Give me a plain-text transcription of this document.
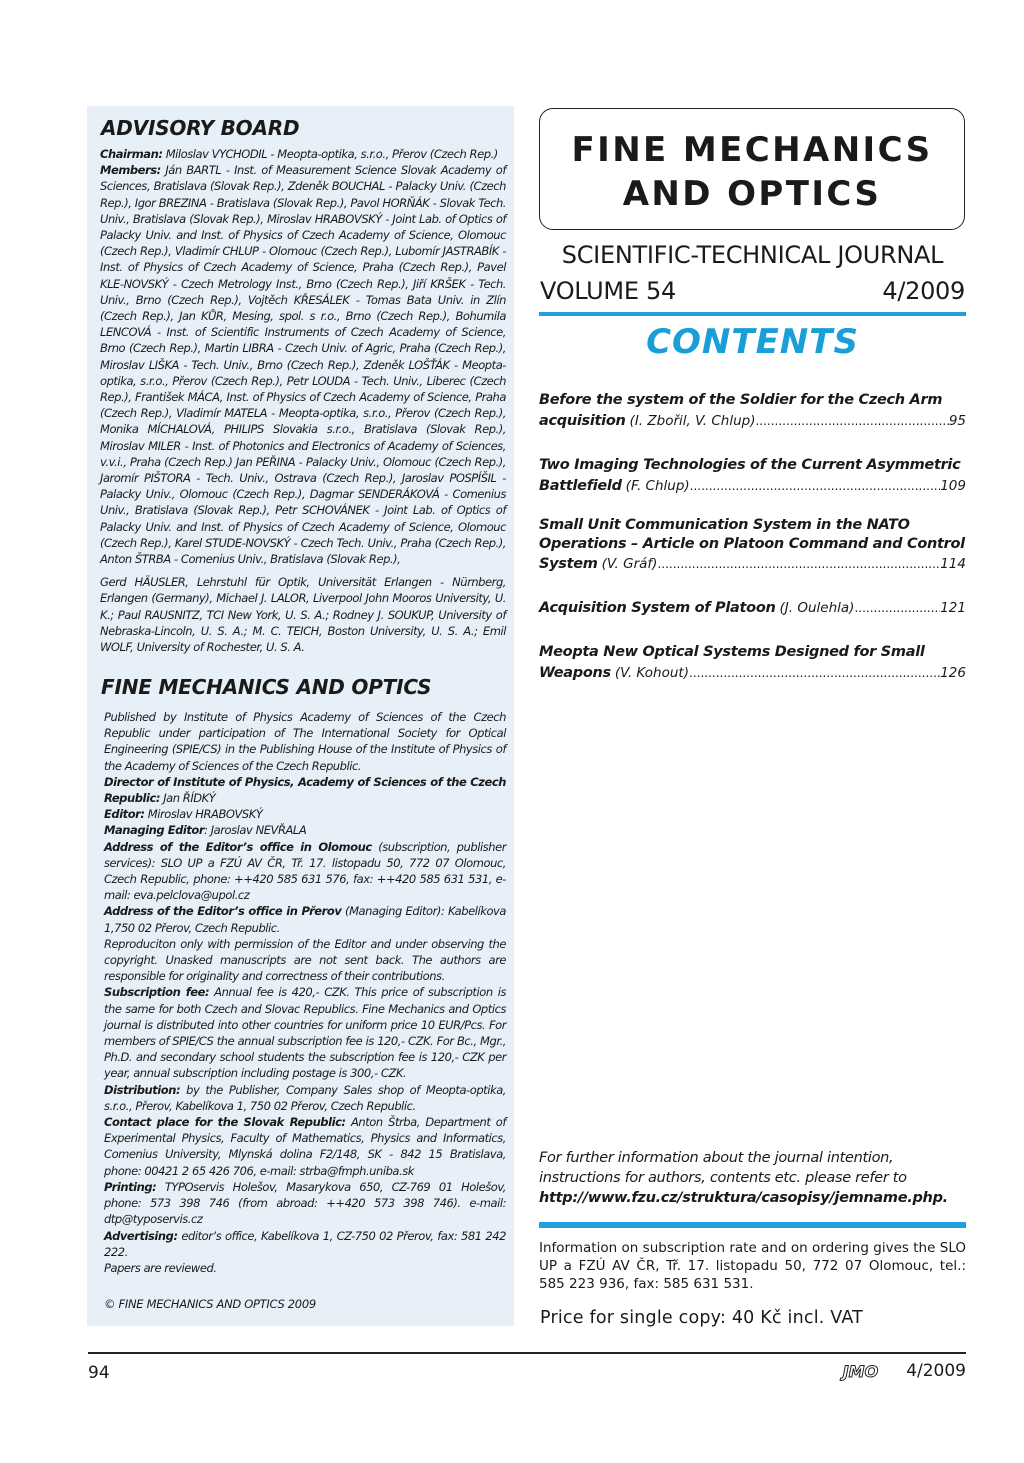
ADVISORY BOARD

Chairman: Miloslav VYCHODIL - Meopta-optika, s.r.o., Přerov (Czech Rep.)
Members: Ján BARTL - Inst. of Measurement Science Slovak Academy of Sciences, Bratislava (Slovak Rep.), Zdeněk BOUCHAL - Palacky Univ. (Czech Rep.), Igor BREZINA - Bratislava (Slovak Rep.), Pavol HORŇÁK - Slovak Tech. Univ., Bratislava (Slovak Rep.), Miroslav HRABOVSKÝ - Joint Lab. of Optics of Palacky Univ. and Inst. of Physics of Czech Academy of Science, Olomouc (Czech Rep.), Vladimír CHLUP - Olomouc (Czech Rep.), Lubomír JASTRABÍK - Inst. of Physics of Czech Academy of Science, Praha (Czech Rep.), Pavel KLE-NOVSKÝ - Czech Metrology Inst., Brno (Czech Rep.), Jiří KRŠEK - Tech. Univ., Brno (Czech Rep.), Vojtěch KŘESÁLEK - Tomas Bata Univ. in Zlín (Czech Rep.), Jan KŮR, Mesing, spol. s r.o., Brno (Czech Rep.), Bohumila LENCOVÁ - Inst. of Scientific Instruments of Czech Academy of Science, Brno (Czech Rep.), Martin LIBRA - Czech Univ. of Agric, Praha (Czech Rep.), Miroslav LIŠKA - Tech. Univ., Brno (Czech Rep.), Zdeněk LOŠŤÁK - Meopta-optika, s.r.o., Přerov (Czech Rep.), Petr LOUDA - Tech. Univ., Liberec (Czech Rep.), František MÁCA, Inst. of Physics of Czech Academy of Science, Praha (Czech Rep.), Vladimír MATELA - Meopta-optika, s.r.o., Přerov (Czech Rep.), Monika MÍCHALOVÁ, PHILIPS Slovakia s.r.o., Bratislava (Slovak Rep.), Miroslav MILER - Inst. of Photonics and Electronics of Academy of Sciences, v.v.i., Praha (Czech Rep.) Jan PEŘINA - Palacky Univ., Olomouc (Czech Rep.), Jaromír PIŠTORA - Tech. Univ., Ostrava (Czech Rep.), Jaroslav POSPÍŠIL - Palacky Univ., Olomouc (Czech Rep.), Dagmar SENDERÁKOVÁ - Comenius Univ., Bratislava (Slovak Rep.), Petr SCHOVÁNEK - Joint Lab. of Optics of Palacky Univ. and Inst. of Physics of Czech Academy of Science, Olomouc (Czech Rep.), Karel STUDE-NOVSKÝ - Czech Tech. Univ., Praha (Czech Rep.), Anton ŠTRBA - Comenius Univ., Bratislava (Slovak Rep.),

Gerd HÄUSLER, Lehrstuhl für Optik, Universität Erlangen - Nürnberg, Erlangen (Germany), Michael J. LALOR, Liverpool John Mooros University, U. K.; Paul RAUSNITZ, TCI New York, U. S. A.; Rodney J. SOUKUP, University of Nebraska-Lincoln, U. S. A.; M. C. TEICH, Boston University, U. S. A.; Emil WOLF, University of Rochester, U. S. A.

FINE MECHANICS AND OPTICS

Published by Institute of Physics Academy of Sciences of the Czech Republic under participation of The International Society for Optical Engineering (SPIE/CS) in the Publishing House of the Institute of Physics of the Academy of Sciences of the Czech Republic.

Director of Institute of Physics, Academy of Sciences of the Czech Republic: Jan ŘÍDKÝ

Editor: Miroslav HRABOVSKÝ

Managing Editor: Jaroslav NEVŘALA

Address of the Editor’s office in Olomouc (subscription, publisher services): SLO UP a FZÚ AV ČR, Tř. 17. listopadu 50, 772 07 Olomouc, Czech Republic, phone: ++420 585 631 576, fax: ++420 585 631 531, e-mail: eva.pelclova@upol.cz

Address of the Editor’s office in Přerov (Managing Editor): Kabelíkova 1,750 02 Přerov, Czech Republic.

Reproduciton only with permission of the Editor and under observing the copyright. Unasked manuscripts are not sent back. The authors are responsible for originality and correctness of their contributions.

Subscription fee: Annual fee is 420,- CZK. This price of subscription is the same for both Czech and Slovac Republics. Fine Mechanics and Optics journal is distributed into other countries for uniform price 10 EUR/Pcs. For members of SPIE/CS the annual subscription fee is 120,- CZK. For Bc., Mgr., Ph.D. and secondary school students the subscription fee is 120,- CZK per year, annual subscription including postage is 300,- CZK.

Distribution: by the Publisher, Company Sales shop of Meopta-optika, s.r.o., Přerov, Kabelíkova 1, 750 02 Přerov, Czech Republic.

Contact place for the Slovak Republic: Anton Štrba, Department of Experimental Physics, Faculty of Mathematics, Physics and Informatics, Comenius University, Mlynská dolina F2/148, SK - 842 15 Bratislava, phone: 00421 2 65 426 706, e-mail: strba@fmph.uniba.sk

Printing: TYPOservis Holešov, Masarykova 650, CZ-769 01 Holešov, phone: 573 398 746 (from abroad: ++420 573 398 746). e-mail: dtp@typoservis.cz

Advertising: editor’s office, Kabelíkova 1, CZ-750 02 Přerov, fax: 581 242 222.

Papers are reviewed.

© FINE MECHANICS AND OPTICS 2009
FINE MECHANICS
AND OPTICS
SCIENTIFIC-TECHNICAL JOURNAL
VOLUME 54	4/2009
CONTENTS
Before the system of the Soldier for the Czech Arm
acquisition (I. Zbořil, V. Chlup) .....	95
Two Imaging Technologies of the Current Asymmetric
Battlefield (F. Chlup) .....	109
Small Unit Communication System in the NATO Operations – Article on Platoon Command and Control
System (V. Gráf) .....	114
Acquisition System of Platoon (J. Oulehla) .....	121
Meopta New Optical Systems Designed for Small
Weapons (V. Kohout) .....	126
For further information about the journal intention, instructions for authors, contents etc. please refer to
http://www.fzu.cz/struktura/casopisy/jemname.php.
Information on subscription rate and on ordering gives the SLO UP a FZÚ AV ČR, Tř. 17. listopadu 50, 772 07 Olomouc, tel.: 585 223 936, fax: 585 631 531.
Price for single copy: 40 Kč incl. VAT
94	JMO 4/2009
